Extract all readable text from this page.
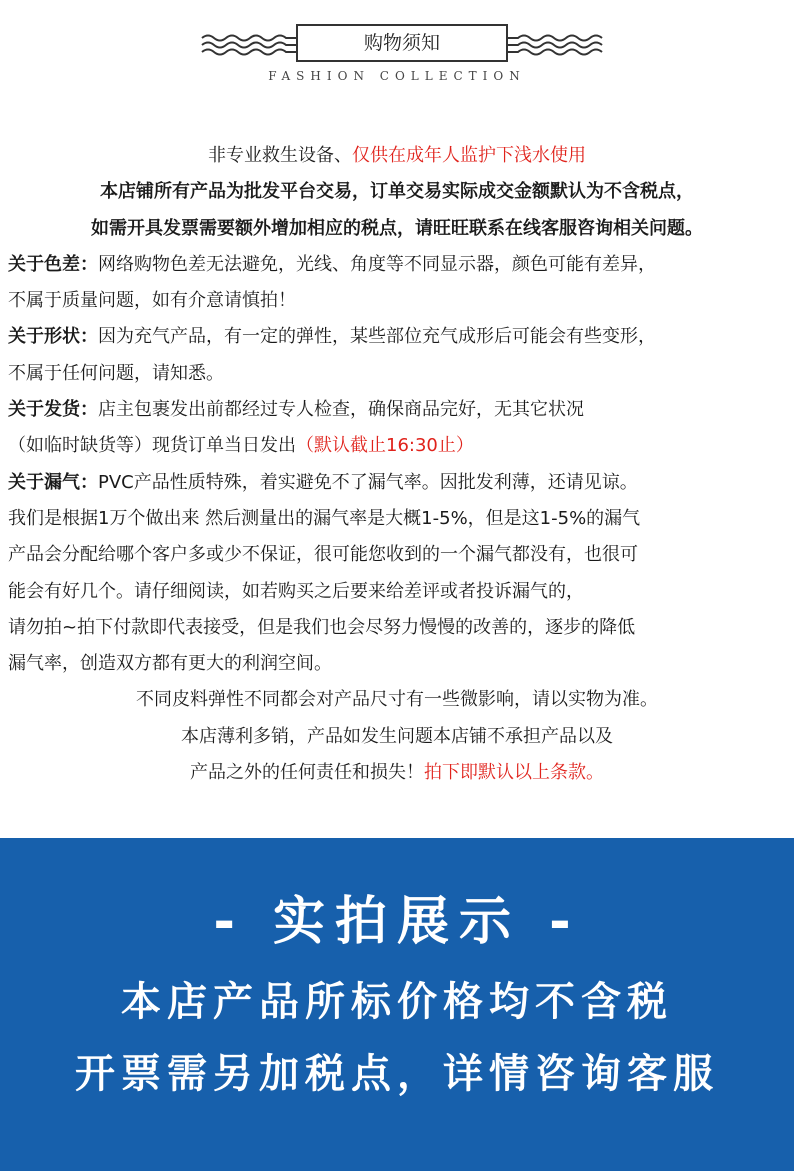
购物须知
FASHION COLLECTION
非专业救生设备、仅供在成年人监护下浅水使用
本店铺所有产品为批发平台交易，订单交易实际成交金额默认为不含税点，
如需开具发票需要额外增加相应的税点，请旺旺联系在线客服咨询相关问题。
关于色差：网络购物色差无法避免，光线、角度等不同显示器，颜色可能有差异，
不属于质量问题，如有介意请慎拍！
关于形状：因为充气产品，有一定的弹性，某些部位充气成形后可能会有些变形，
不属于任何问题，请知悉。
关于发货：店主包裹发出前都经过专人检查，确保商品完好，无其它状况
（如临时缺货等）现货订单当日发出（默认截止16:30止）
关于漏气：PVC产品性质特殊，着实避免不了漏气率。因批发利薄，还请见谅。
我们是根据1万个做出来 然后测量出的漏气率是大概1-5%，但是这1-5%的漏气
产品会分配给哪个客户多或少不保证，很可能您收到的一个漏气都没有，也很可
能会有好几个。请仔细阅读，如若购买之后要来给差评或者投诉漏气的，
请勿拍~拍下付款即代表接受，但是我们也会尽努力慢慢的改善的，逐步的降低
漏气率，创造双方都有更大的利润空间。
不同皮料弹性不同都会对产品尺寸有一些微影响，请以实物为准。
本店薄利多销，产品如发生问题本店铺不承担产品以及
产品之外的任何责任和损失！拍下即默认以上条款。
- 实拍展示 -
本店产品所标价格均不含税
开票需另加税点，详情咨询客服
